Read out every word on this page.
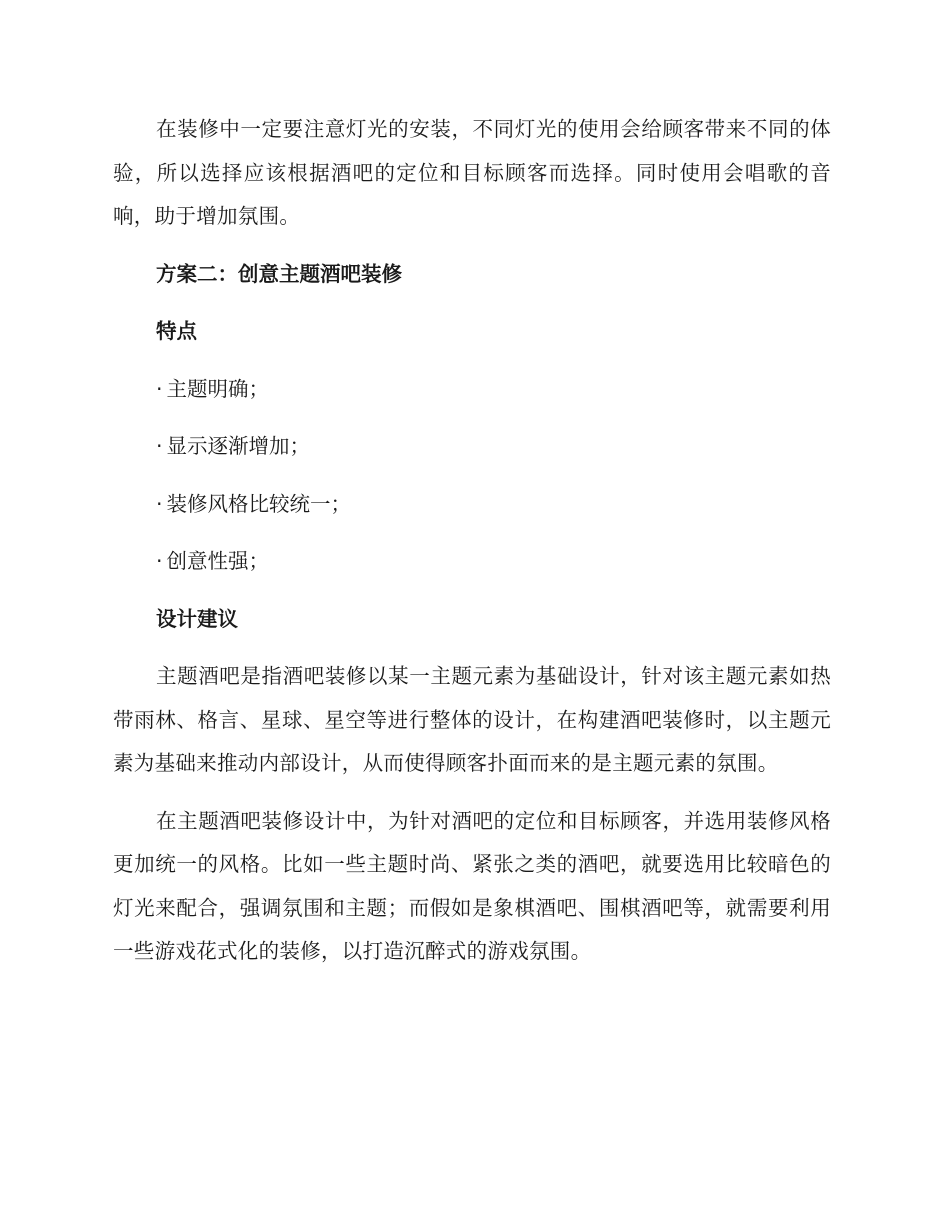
在装修中一定要注意灯光的安装，不同灯光的使用会给顾客带来不同的体验，所以选择应该根据酒吧的定位和目标顾客而选择。同时使用会唱歌的音响，助于增加氛围。

方案二：创意主题酒吧装修
特点
· 主题明确；
· 显示逐渐增加；
· 装修风格比较统一；
· 创意性强；
设计建议

主题酒吧是指酒吧装修以某一主题元素为基础设计，针对该主题元素如热带雨林、格言、星球、星空等进行整体的设计，在构建酒吧装修时，以主题元素为基础来推动内部设计，从而使得顾客扑面而来的是主题元素的氛围。

在主题酒吧装修设计中，为针对酒吧的定位和目标顾客，并选用装修风格更加统一的风格。比如一些主题时尚、紧张之类的酒吧，就要选用比较暗色的灯光来配合，强调氛围和主题；而假如是象棋酒吧、围棋酒吧等，就需要利用一些游戏花式化的装修，以打造沉醉式的游戏氛围。
